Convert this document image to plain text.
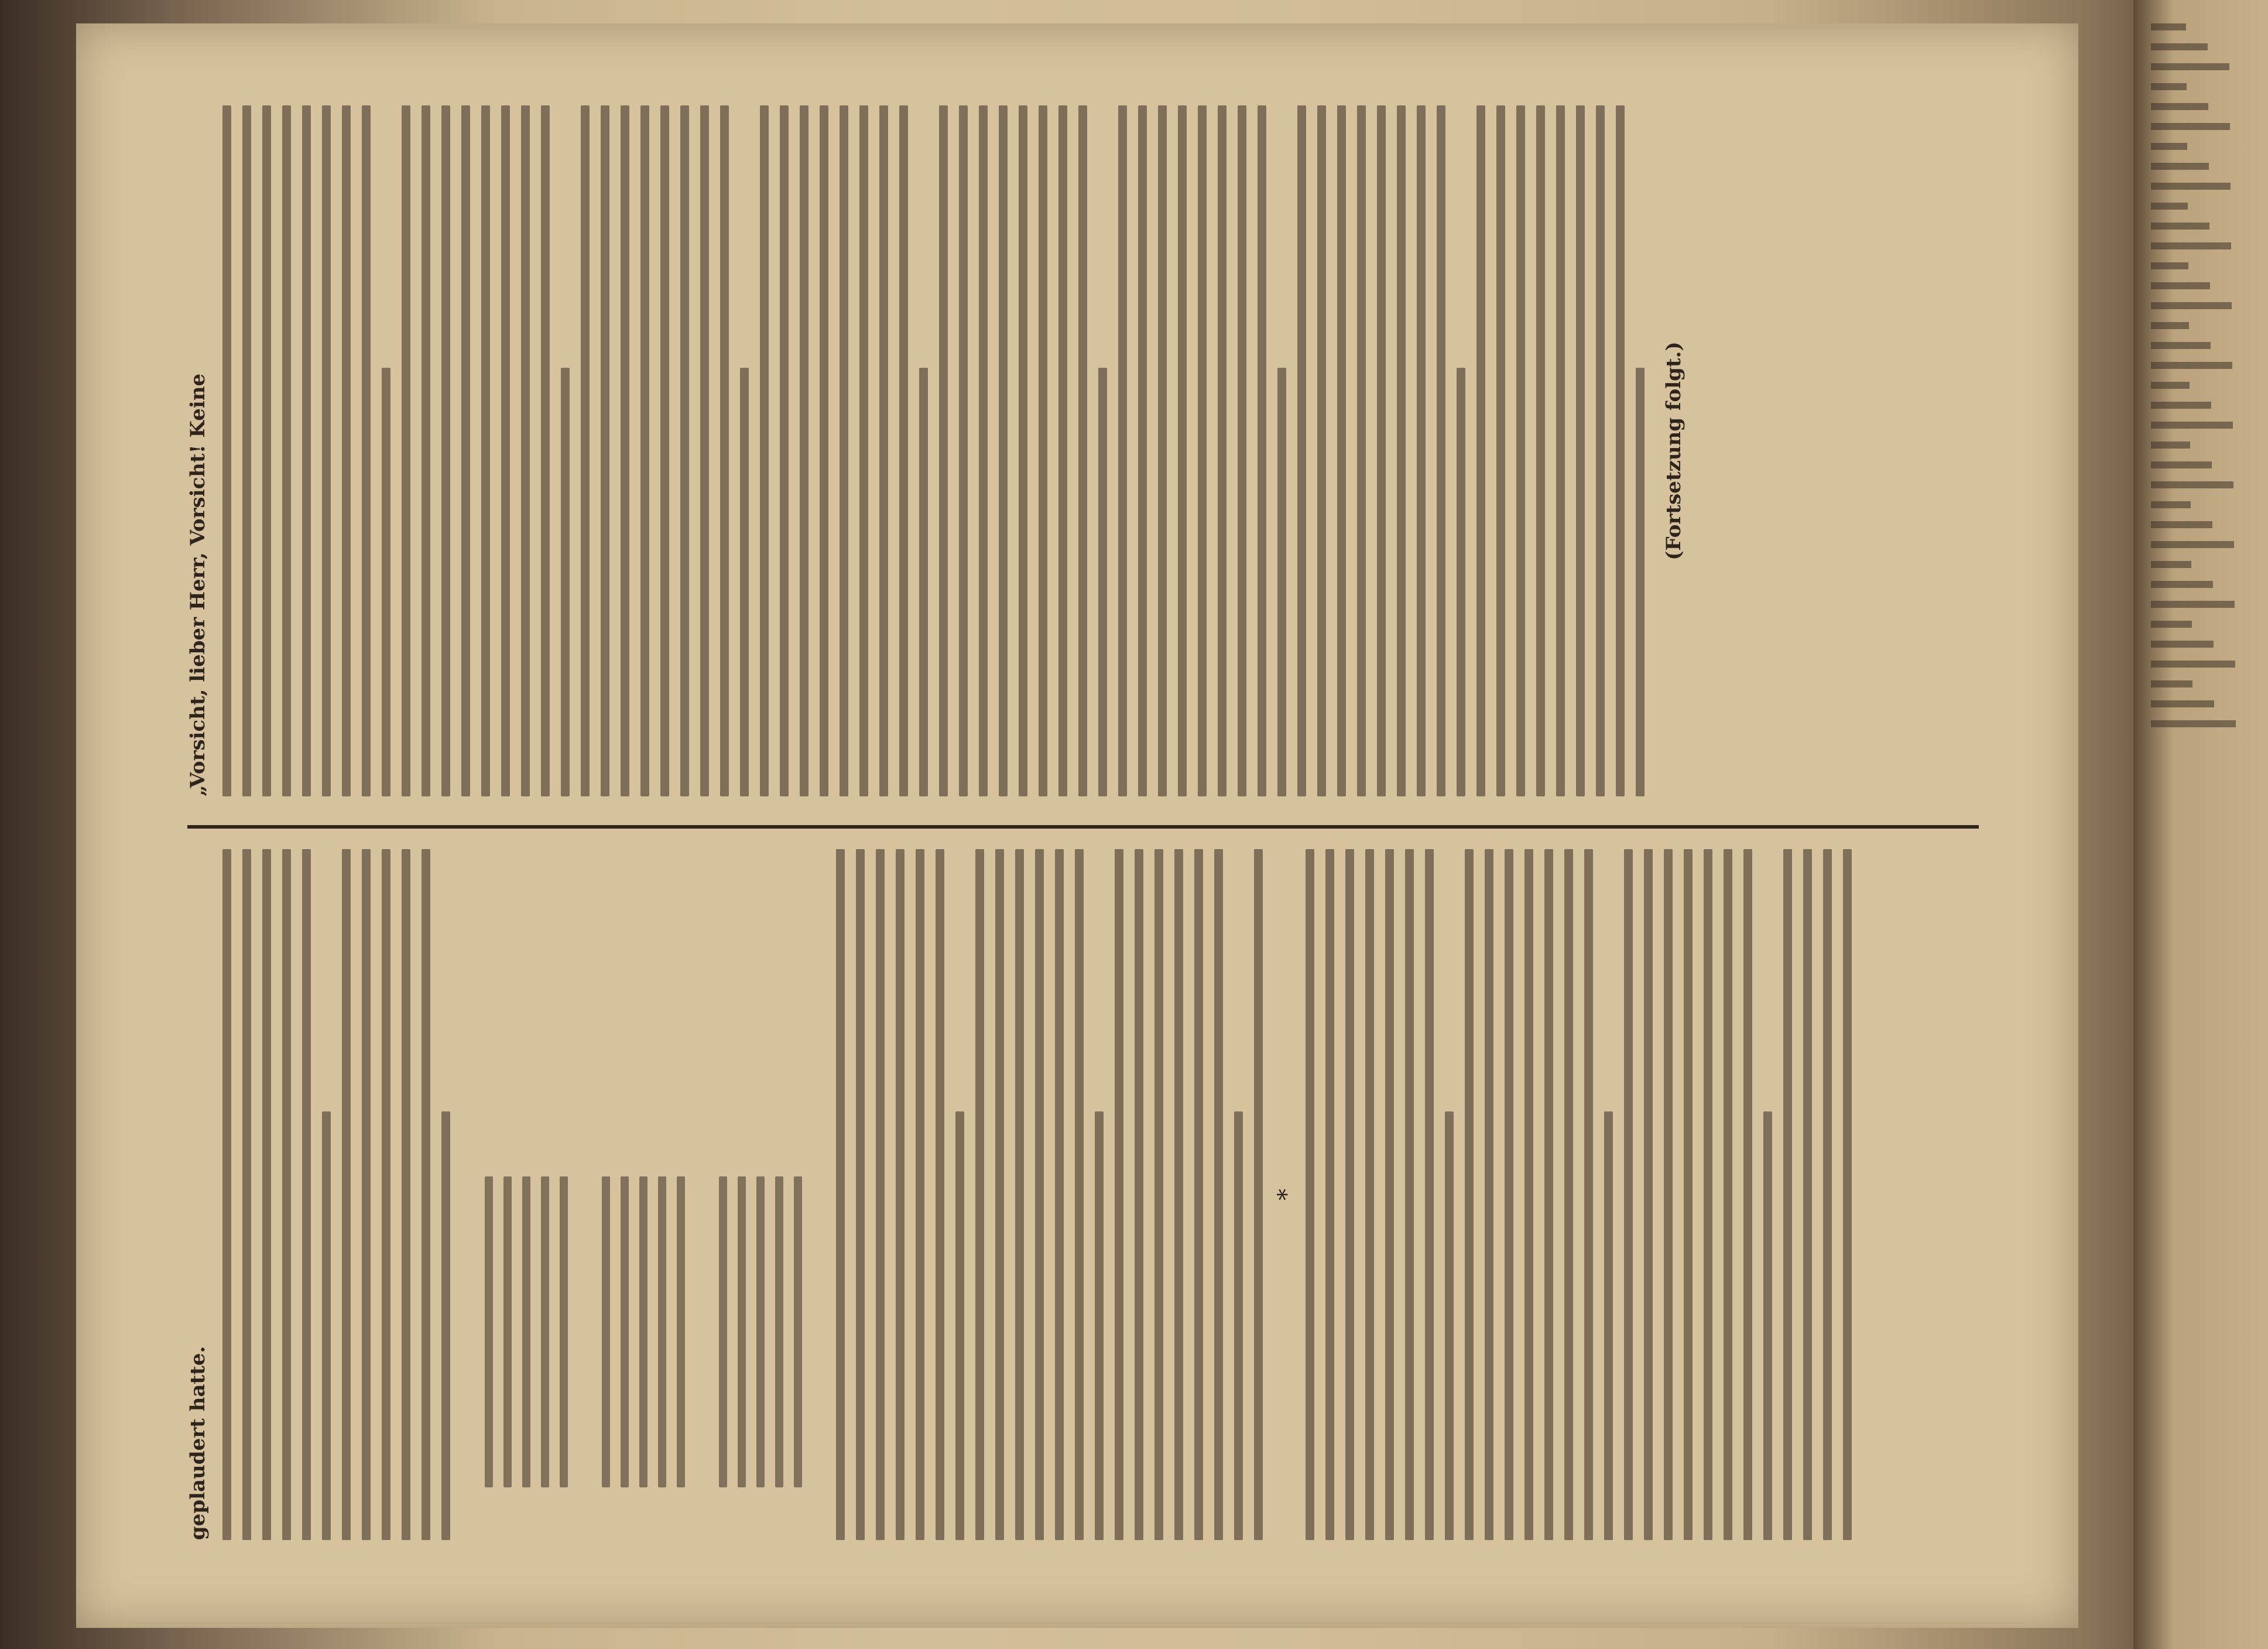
geplaudert hatte.
*
„Vorsicht, lieber Herr, Vorsicht! Keine	(Fortsetzung folgt.)
